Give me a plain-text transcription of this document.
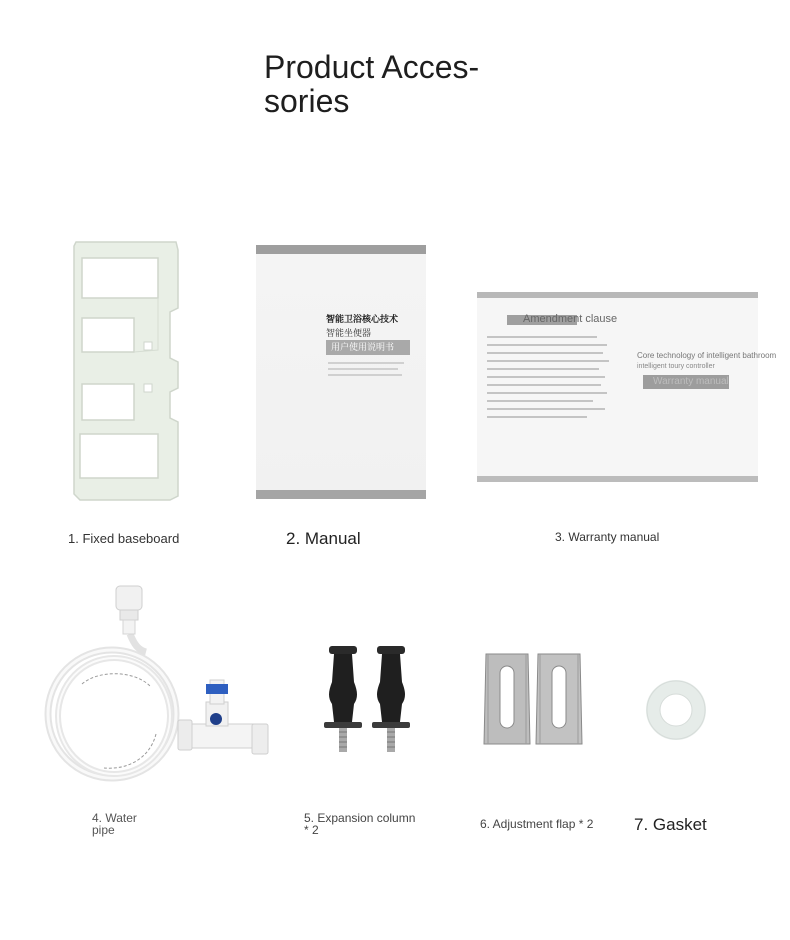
Product Acces-
sories
智能卫浴核心技术
智能坐便器
用户使用说明书
Amendment clause
Core technology of intelligent bathroom
intelligent toury controller
Warranty manual
1. Fixed baseboard	2. Manual	3. Warranty manual
4. Water
pipe
5. Expansion column
* 2	6. Adjustment flap * 2 7. Gasket
